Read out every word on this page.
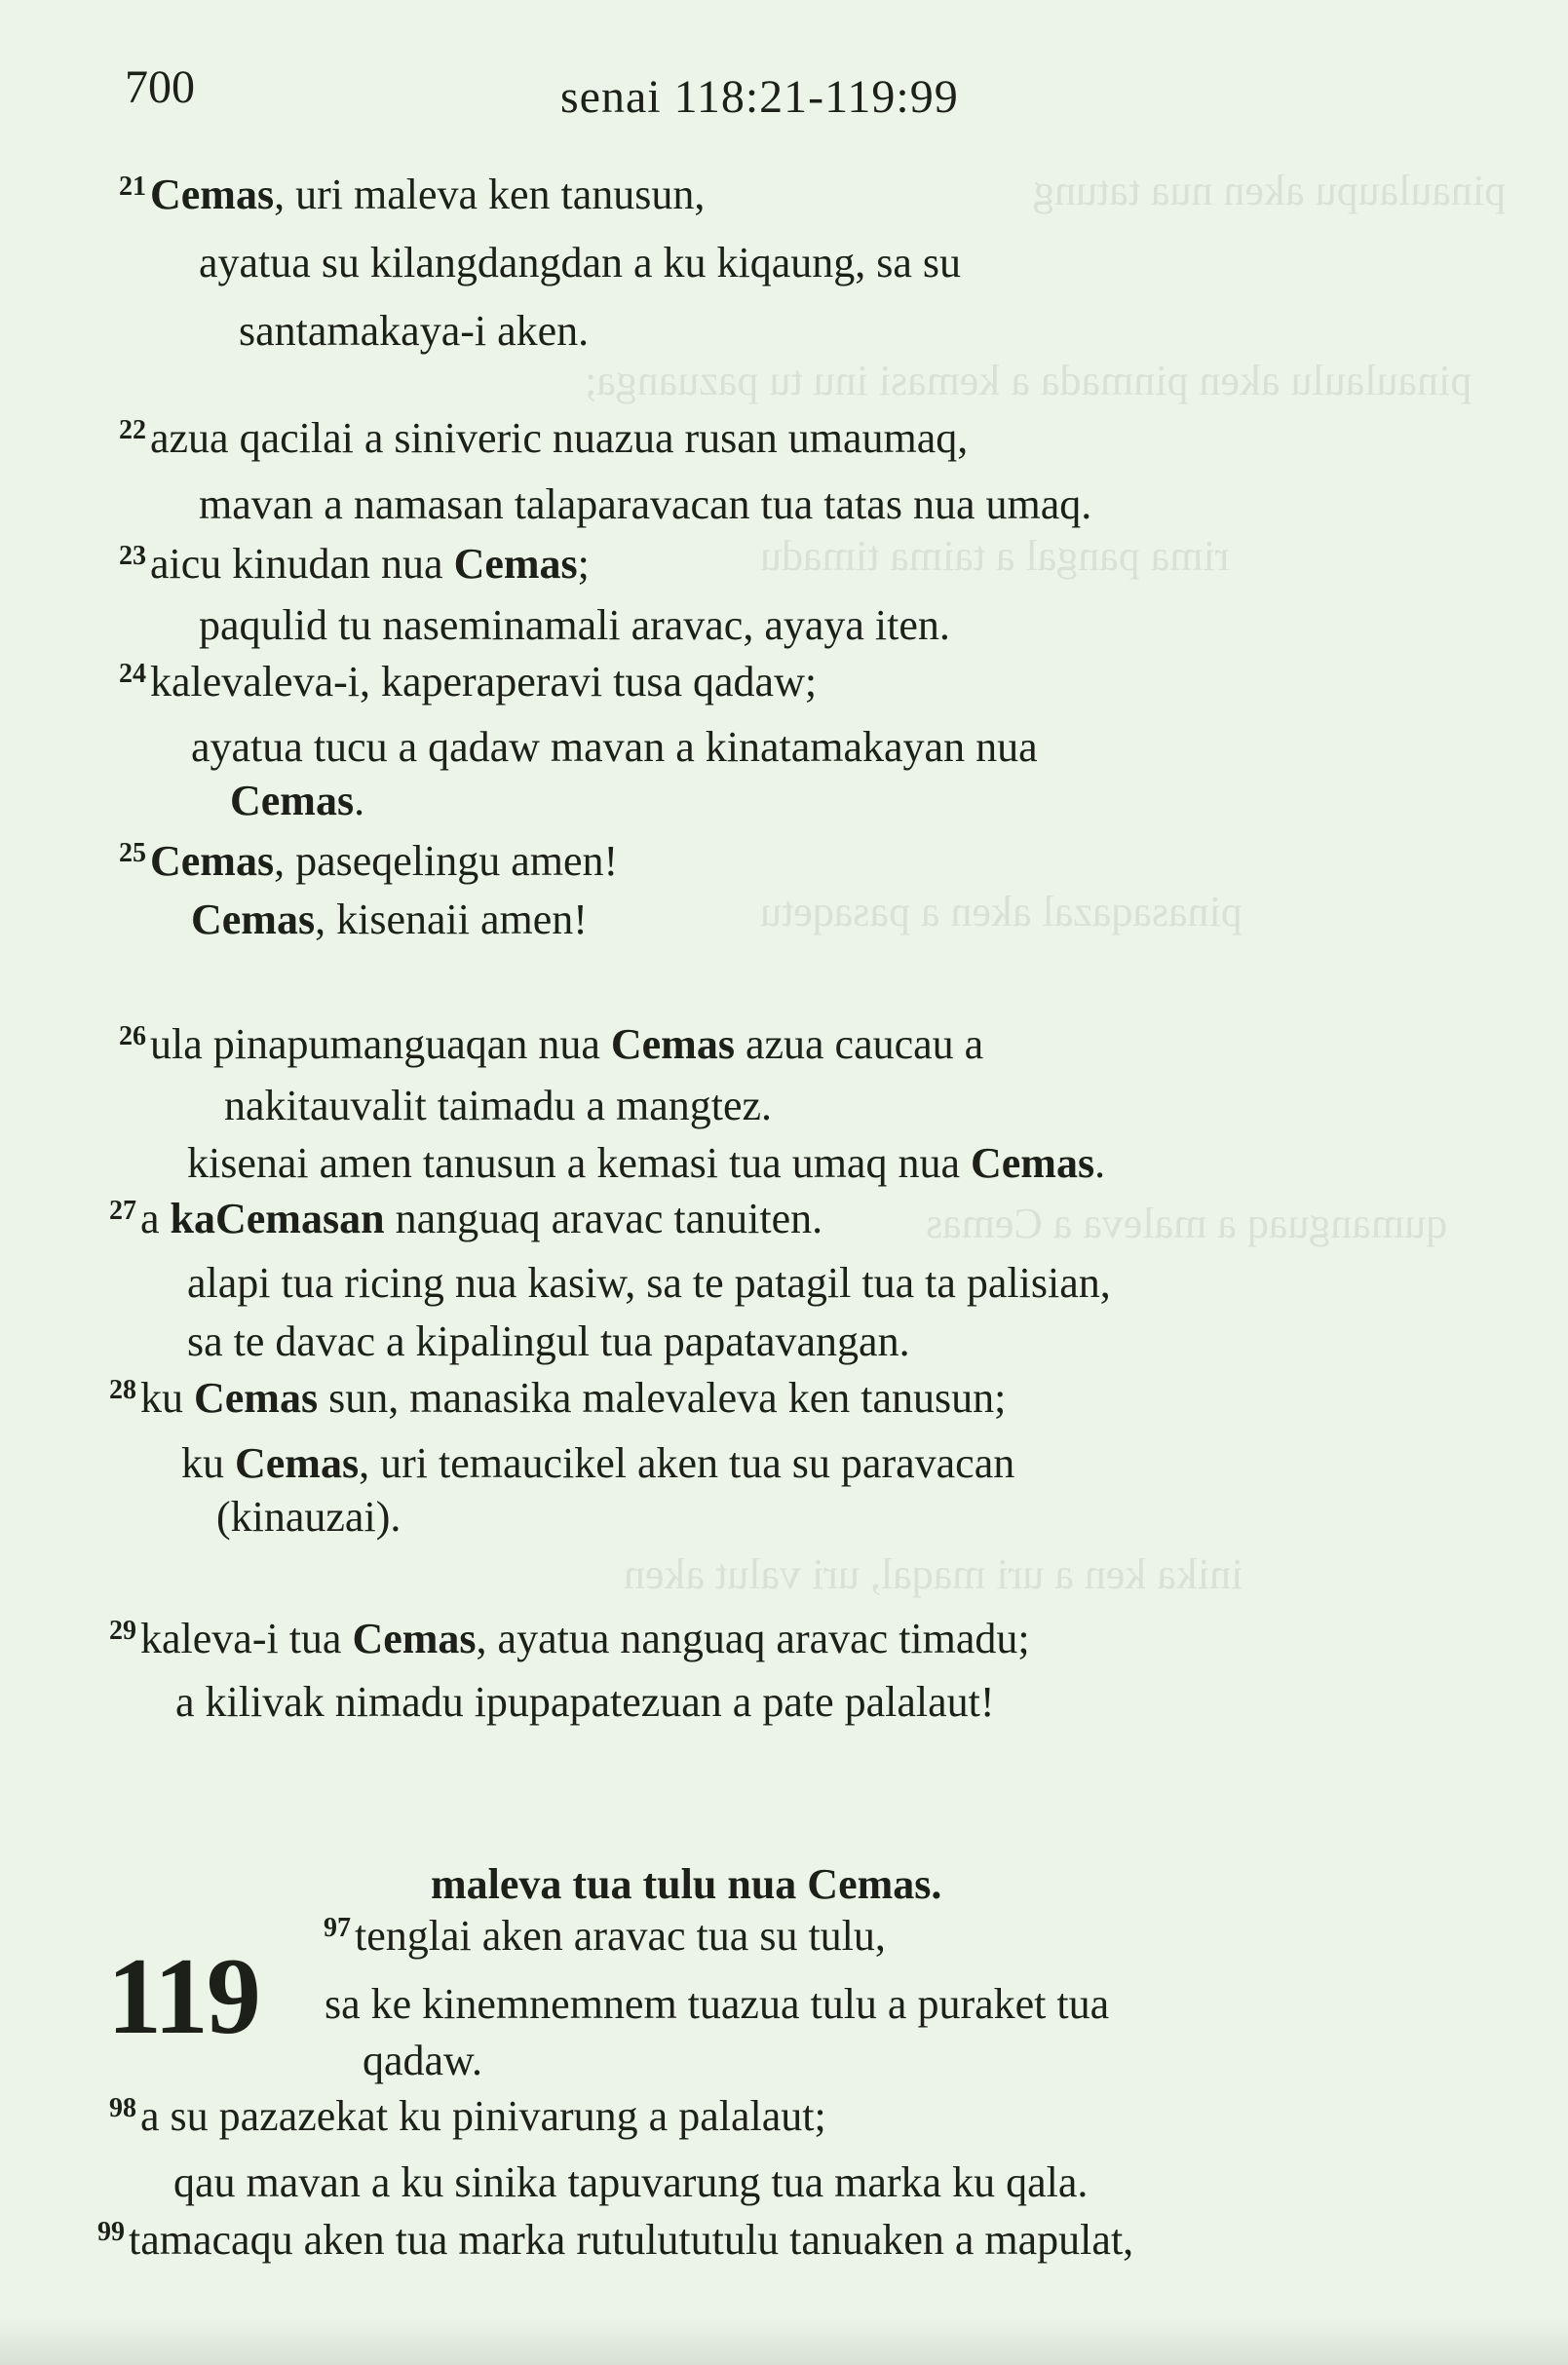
pinaulaupu aken nua tatung
pinaulaulu aken pinmada a kemasi inu tu pazuanga;
rima pangal a taima timadu
pinasaqazal aken a pasaqetu
qumanguaq a maleva a Cemas
inika ken a uri maqal, uri valut aken
700	senai 118:21-119:99
$^{21}$Cemas, uri maleva ken tanusun,
ayatua su kilangdangdan a ku kiqaung, sa su
santamakaya-i aken.
$^{22}$azua qacilai a siniveric nuazua rusan umaumaq,
mavan a namasan talaparavacan tua tatas nua umaq.
$^{23}$aicu kinudan nua Cemas;
paqulid tu naseminamali aravac, ayaya iten.
$^{24}$kalevaleva-i, kaperaperavi tusa qadaw;
ayatua tucu a qadaw mavan a kinatamakayan nua
Cemas.
$^{25}$Cemas, paseqelingu amen!
Cemas, kisenaii amen!
$^{26}$ula pinapumanguaqan nua Cemas azua caucau a
nakitauvalit taimadu a mangtez.
kisenai amen tanusun a kemasi tua umaq nua Cemas.
$^{27}$a kaCemasan nanguaq aravac tanuiten.
alapi tua ricing nua kasiw, sa te patagil tua ta palisian,
sa te davac a kipalingul tua papatavangan.
$^{28}$ku Cemas sun, manasika malevaleva ken tanusun;
ku Cemas, uri temaucikel aken tua su paravacan
(kinauzai).
$^{29}$kaleva-i tua Cemas, ayatua nanguaq aravac timadu;
a kilivak nimadu ipupapatezuan a pate palalaut!
maleva tua tulu nua Cemas.
119
$^{97}$tenglai aken aravac tua su tulu,
sa ke kinemnemnem tuazua tulu a puraket tua
qadaw.
$^{98}$a su pazazekat ku pinivarung a palalaut;
qau mavan a ku sinika tapuvarung tua marka ku qala.
$^{99}$tamacaqu aken tua marka rutulututulu tanuaken a mapulat,
